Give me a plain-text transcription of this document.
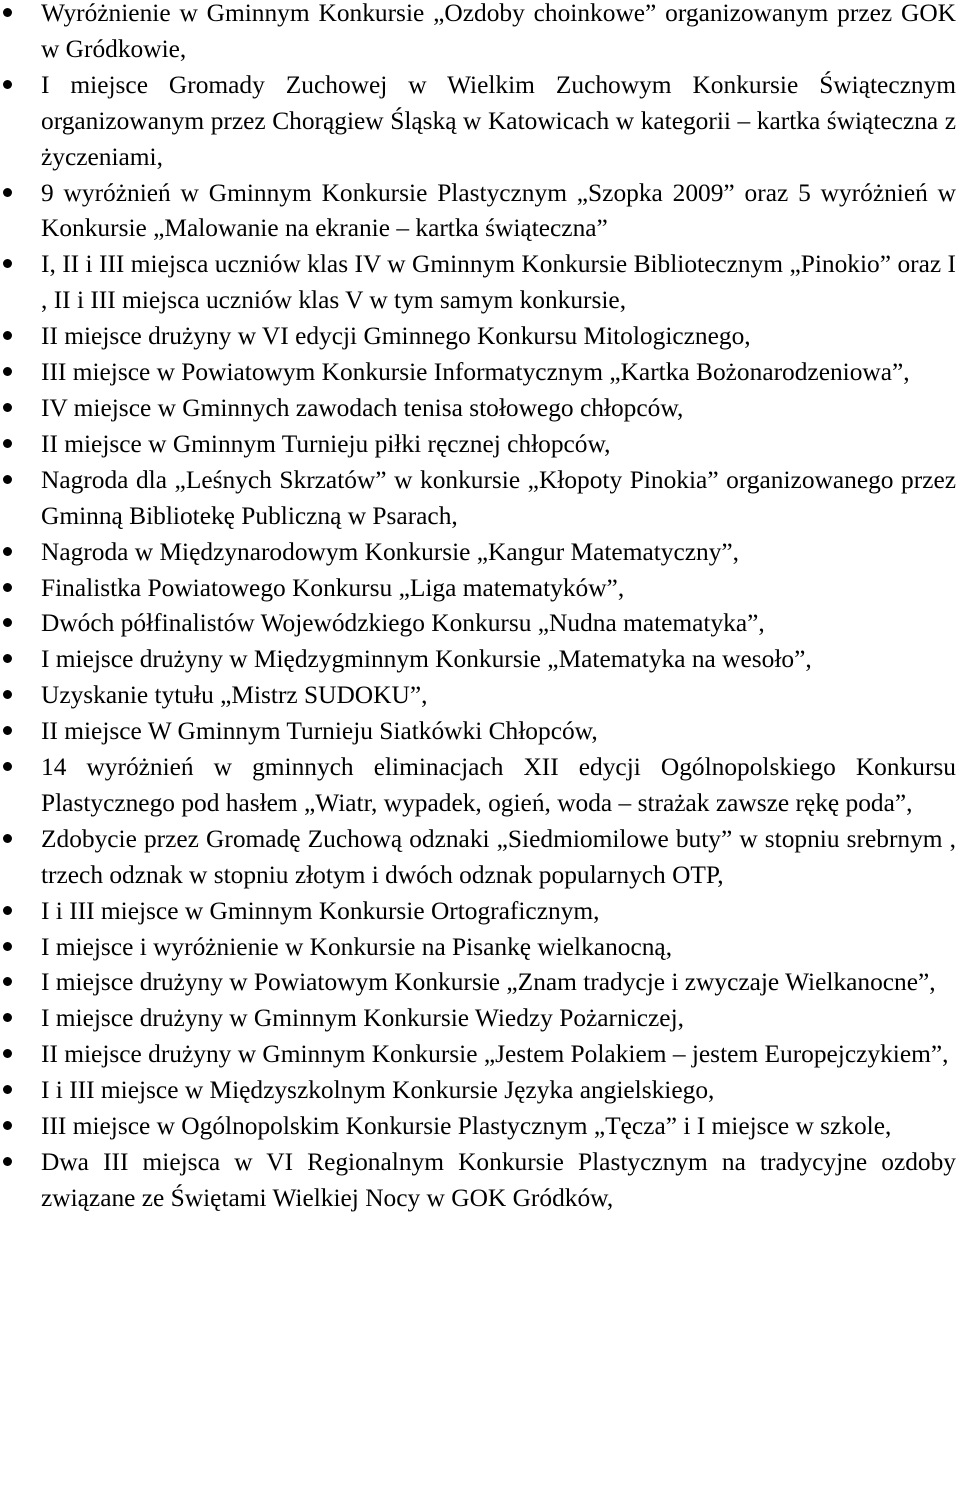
Wyróżnienie w Gminnym Konkursie „Ozdoby choinkowe” organizowanym przez GOK w Gródkowie,
I miejsce Gromady Zuchowej w Wielkim Zuchowym Konkursie Świątecznym organizowanym przez Chorągiew Śląską w Katowicach w kategorii – kartka świąteczna z życzeniami,
9 wyróżnień w Gminnym Konkursie Plastycznym „Szopka 2009” oraz 5 wyróżnień w Konkursie „Malowanie na ekranie – kartka świąteczna”
I, II i III miejsca uczniów klas IV w Gminnym Konkursie Bibliotecznym „Pinokio” oraz I , II i III miejsca uczniów klas V w tym samym konkursie,
II miejsce drużyny w VI edycji Gminnego Konkursu Mitologicznego,
III miejsce w Powiatowym Konkursie Informatycznym „Kartka Bożonarodzeniowa”,
IV miejsce w Gminnych zawodach tenisa stołowego chłopców,
II miejsce w Gminnym Turnieju piłki ręcznej chłopców,
Nagroda dla „Leśnych Skrzatów” w konkursie „Kłopoty Pinokia” organizowanego przez Gminną Bibliotekę Publiczną w Psarach,
Nagroda w Międzynarodowym Konkursie „Kangur Matematyczny”,
Finalistka Powiatowego Konkursu „Liga matematyków”,
Dwóch półfinalistów Wojewódzkiego Konkursu „Nudna matematyka”,
I miejsce drużyny w Międzygminnym Konkursie „Matematyka na wesoło”,
Uzyskanie tytułu „Mistrz SUDOKU”,
II miejsce W Gminnym Turnieju Siatkówki Chłopców,
14 wyróżnień w gminnych eliminacjach XII edycji Ogólnopolskiego Konkursu Plastycznego pod hasłem „Wiatr, wypadek, ogień, woda – strażak zawsze rękę poda”,
Zdobycie przez Gromadę Zuchową odznaki „Siedmiomilowe buty” w stopniu srebrnym , trzech odznak w stopniu złotym i dwóch odznak popularnych OTP,
I i III miejsce w Gminnym Konkursie Ortograficznym,
I miejsce i wyróżnienie w Konkursie na Pisankę wielkanocną,
I miejsce drużyny w Powiatowym Konkursie „Znam tradycje i zwyczaje Wielkanocne”,
I miejsce drużyny w Gminnym Konkursie Wiedzy Pożarniczej,
II miejsce drużyny w Gminnym Konkursie „Jestem Polakiem – jestem Europejczykiem”,
I i III miejsce w Międzyszkolnym Konkursie Języka angielskiego,
III miejsce w Ogólnopolskim Konkursie Plastycznym „Tęcza” i I miejsce w szkole,
Dwa III miejsca w VI Regionalnym Konkursie Plastycznym na tradycyjne ozdoby związane ze Świętami Wielkiej Nocy w GOK Gródków,
